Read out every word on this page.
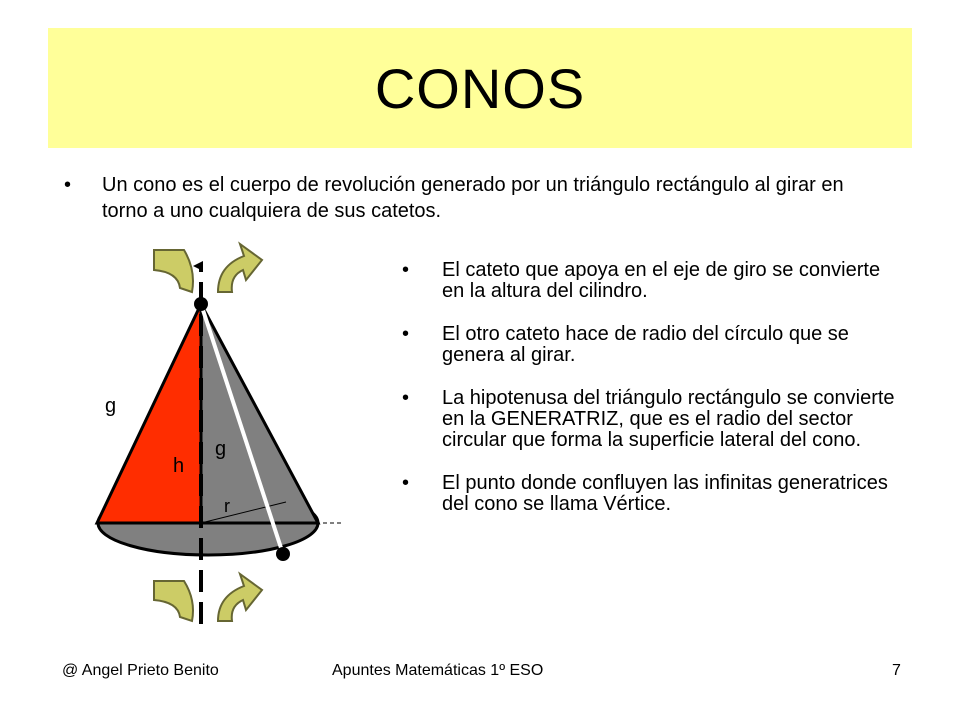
CONOS
•	Un cono es el cuerpo de revolución generado por un triángulo rectángulo al girar en torno a uno cualquiera de sus catetos.
g
g
h
r
•	El cateto que apoya en el eje de giro se convierte en la altura del cilindro.
•	El otro cateto hace de radio del círculo que se genera al girar.
•	La hipotenusa del triángulo rectángulo se convierte en la GENERATRIZ, que es el radio del sector circular que forma la superficie lateral del cono.
•	El punto donde confluyen las infinitas generatrices del cono se llama Vértice.
@ Angel Prieto Benito	Apuntes Matemáticas 1º ESO	7
